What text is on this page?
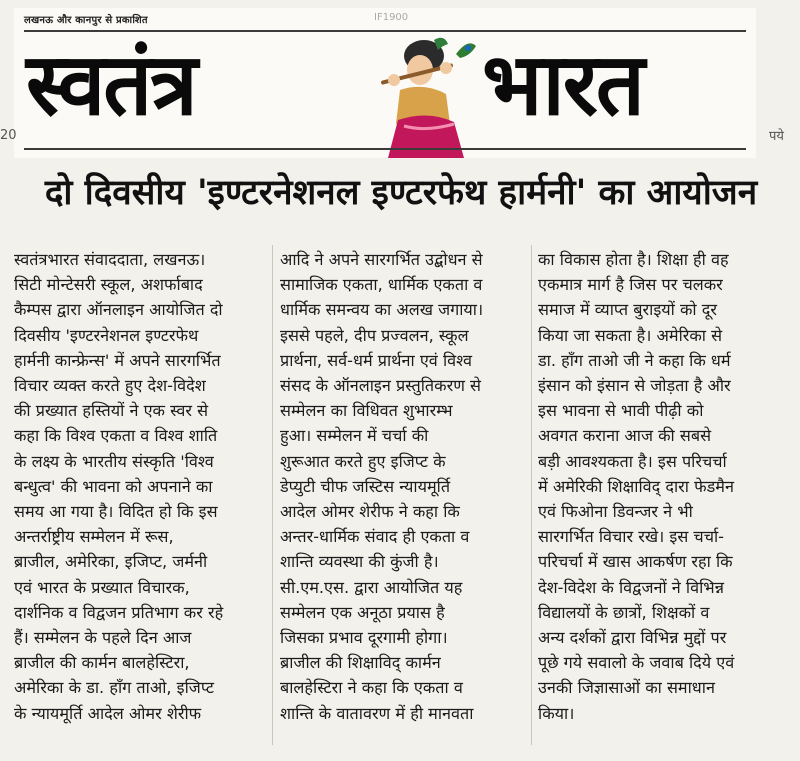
लखनऊ और कानपुर से प्रकाशित	IF1900
स्वतंत्र	भारत
20	पये
दो दिवसीय 'इण्टरनेशनल इण्टरफेथ हार्मनी' का आयोजन
स्वतंत्रभारत संवाददाता, लखनऊ।
सिटी मोन्टेसरी स्कूल, अशर्फाबाद
कैम्पस द्वारा ऑनलाइन आयोजित दो
दिवसीय 'इण्टरनेशनल इण्टरफेथ
हार्मनी कान्फ्रेन्स' में अपने सारगर्भित
विचार व्यक्त करते हुए देश-विदेश
की प्रख्यात हस्तियों ने एक स्वर से
कहा कि विश्व एकता व विश्व शाति
के लक्ष्य के भारतीय संस्कृति 'विश्व
बन्धुत्व' की भावना को अपनाने का
समय आ गया है। विदित हो कि इस
अन्तर्राष्ट्रीय सम्मेलन में रूस,
ब्राजील, अमेरिका, इजिप्ट, जर्मनी
एवं भारत के प्रख्यात विचारक,
दार्शनिक व विद्वजन प्रतिभाग कर रहे
हैं। सम्मेलन के पहले दिन आज
ब्राजील की कार्मन बालहेस्टिरा,
अमेरिका के डा. हाँग ताओ, इजिप्ट
के न्यायमूर्ति आदेल ओमर शेरीफ
आदि ने अपने सारगर्भित उद्बोधन से
सामाजिक एकता, धार्मिक एकता व
धार्मिक समन्वय का अलख जगाया।
इससे पहले, दीप प्रज्वलन, स्कूल
प्रार्थना, सर्व-धर्म प्रार्थना एवं विश्व
संसद के ऑनलाइन प्रस्तुतिकरण से
सम्मेलन का विधिवत शुभारम्भ
हुआ। सम्मेलन में चर्चा की
शुरूआत करते हुए इजिप्ट के
डेप्युटी चीफ जस्टिस न्यायमूर्ति
आदेल ओमर शेरीफ ने कहा कि
अन्तर-धार्मिक संवाद ही एकता व
शान्ति व्यवस्था की कुंजी है।
सी.एम.एस. द्वारा आयोजित यह
सम्मेलन एक अनूठा प्रयास है
जिसका प्रभाव दूरगामी होगा।
ब्राजील की शिक्षाविद् कार्मन
बालहेस्टिरा ने कहा कि एकता व
शान्ति के वातावरण में ही मानवता
का विकास होता है। शिक्षा ही वह
एकमात्र मार्ग है जिस पर चलकर
समाज में व्याप्त बुराइयों को दूर
किया जा सकता है। अमेरिका से
डा. हाँग ताओ जी ने कहा कि धर्म
इंसान को इंसान से जोड़ता है और
इस भावना से भावी पीढ़ी को
अवगत कराना आज की सबसे
बड़ी आवश्यकता है। इस परिचर्चा
में अमेरिकी शिक्षाविद् दारा फेडमैन
एवं फिओना डिवन्जर ने भी
सारगर्भित विचार रखे। इस चर्चा-
परिचर्चा में खास आकर्षण रहा कि
देश-विदेश के विद्वजनों ने विभिन्न
विद्यालयों के छात्रों, शिक्षकों व
अन्य दर्शकों द्वारा विभिन्न मुद्दों पर
पूछे गये सवालो के जवाब दिये एवं
उनकी जिज्ञासाओं का समाधान
किया।
